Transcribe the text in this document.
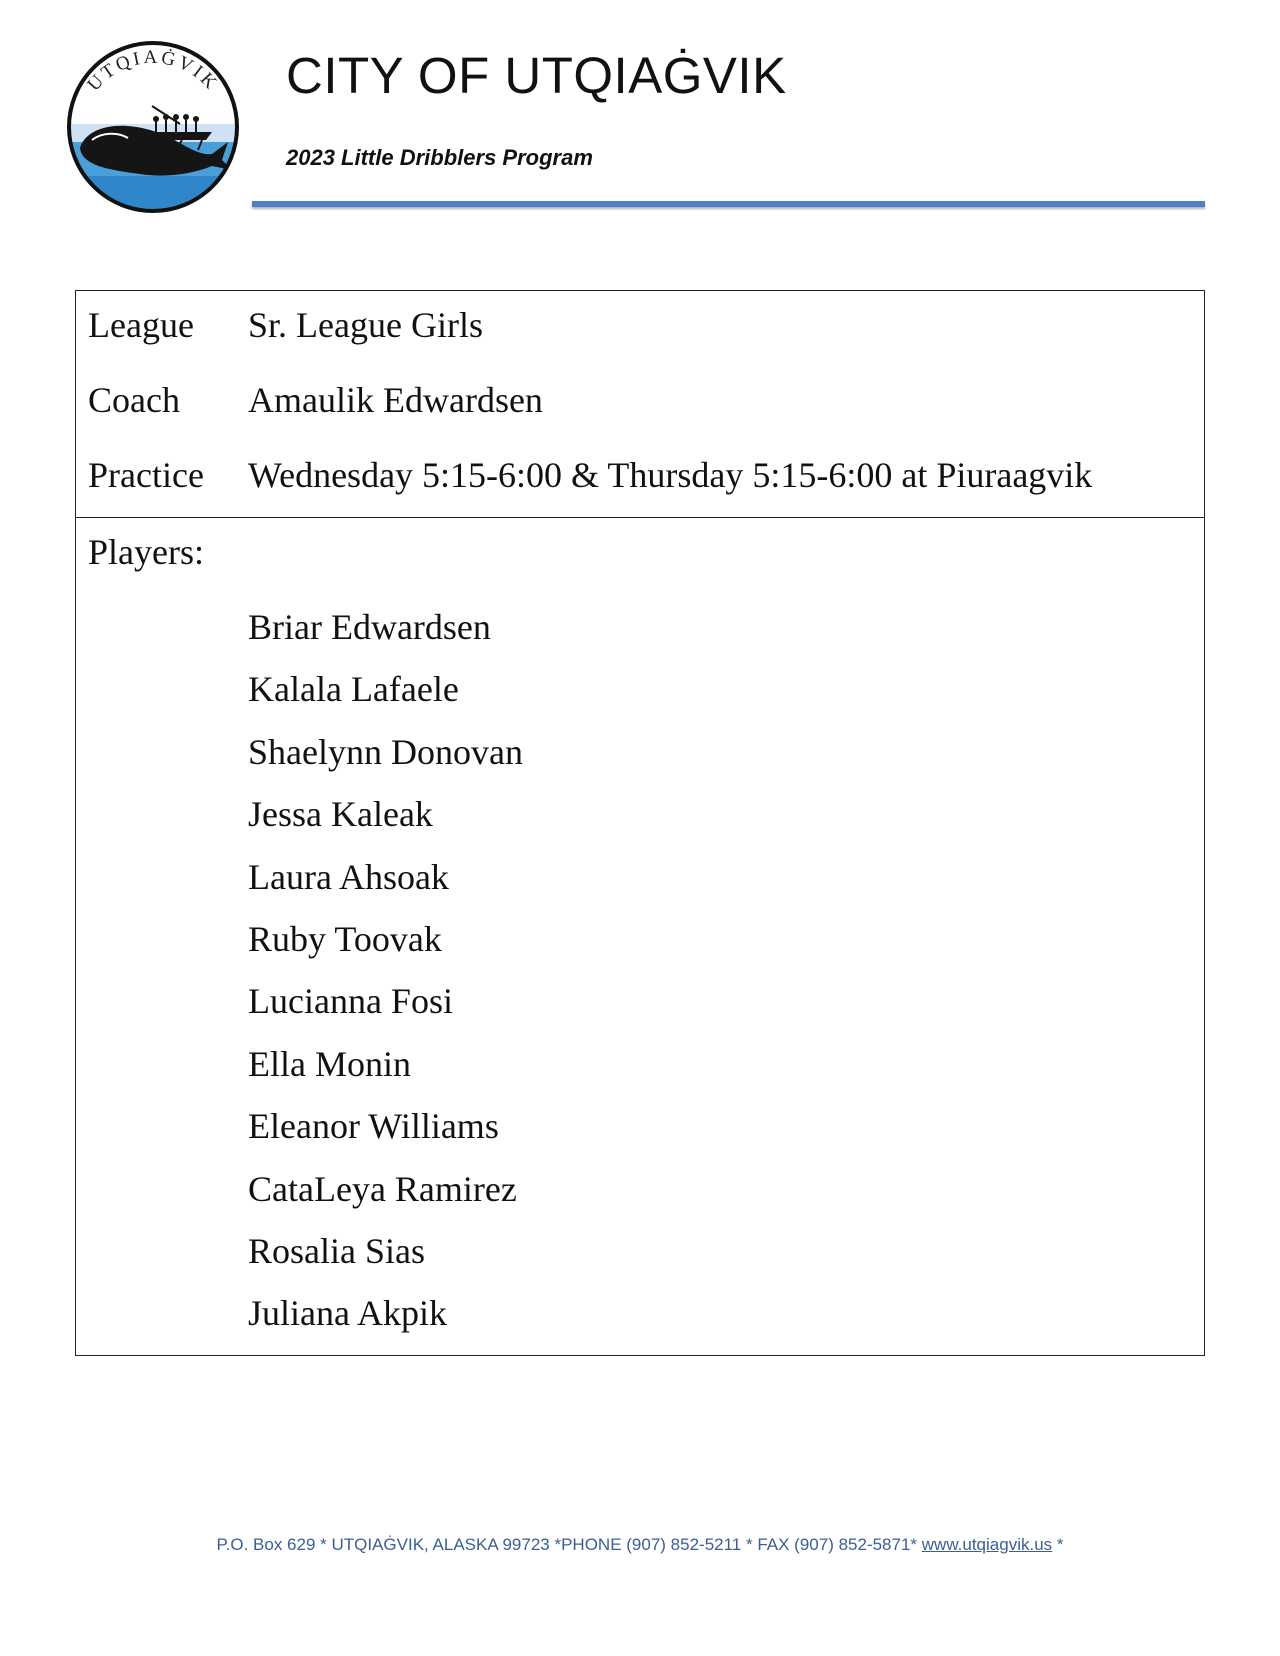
UTQIAĠVIK CITY OF UTQIAĠVIK
2023 Little Dribblers Program
League Sr. League Girls
Coach Amaulik Edwardsen
Practice Wednesday 5:15-6:00 & Thursday 5:15-6:00 at Piuraagvik
Players:
Briar Edwardsen
Kalala Lafaele
Shaelynn Donovan
Jessa Kaleak
Laura Ahsoak
Ruby Toovak
Lucianna Fosi
Ella Monin
Eleanor Williams
CataLeya Ramirez
Rosalia Sias
Juliana Akpik
P.O. Box 629 * UTQIAĠVIK, ALASKA 99723 *PHONE (907) 852-5211 * FAX (907) 852-5871* www.utqiagvik.us *
